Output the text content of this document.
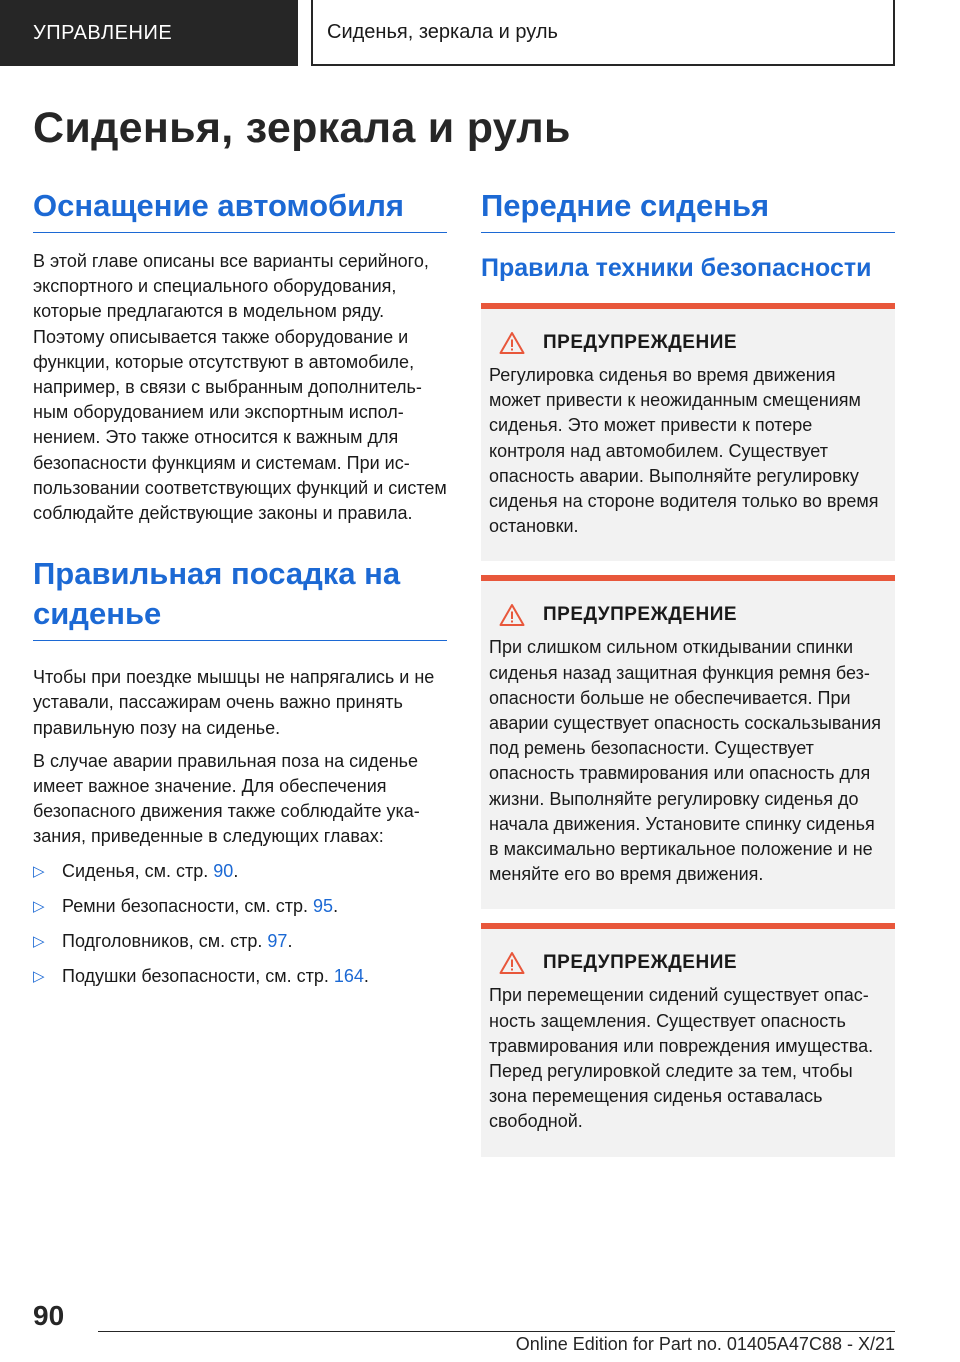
УПРАВЛЕНИЕ	Сиденья, зеркала и руль
Сиденья, зеркала и руль
Оснащение автомобиля

В этой главе описаны все варианты серийного, экспортного и специального оборудования, которые предлагаются в модельном ряду. Поэтому описывается также оборудование и функции, которые отсутствуют в автомобиле, например, в связи с выбранным дополнительным оборудованием или экспортным исполнением. Это также относится к важным для безопасности функциям и системам. При использовании соответствующих функций и систем соблюдайте действующие законы и правила.

Правильная посадка на сиденье

Чтобы при поездке мышцы не напрягались и не уставали, пассажирам очень важно принять правильную позу на сиденье.

В случае аварии правильная поза на сиденье имеет важное значение. Для обеспечения безопасного движения также соблюдайте указания, приведенные в следующих главах:

▷ Сиденья, см. стр. 90.
▷ Ремни безопасности, см. стр. 95.
▷ Подголовников, см. стр. 97.
▷ Подушки безопасности, см. стр. 164.
Передние сиденья
Правила техники безопасности
ПРЕДУПРЕЖДЕНИЕ

Регулировка сиденья во время движения может привести к неожиданным смещениям сиденья. Это может привести к потере контроля над автомобилем. Существует опасность аварии. Выполняйте регулировку сиденья на стороне водителя только во время остановки.

ПРЕДУПРЕЖДЕНИЕ

При слишком сильном откидывании спинки сиденья назад защитная функция ремня безопасности больше не обеспечивается. При аварии существует опасность соскальзывания под ремень безопасности. Существует опасность травмирования или опасность для жизни. Выполняйте регулировку сиденья до начала движения. Установите спинку сиденья в максимально вертикальное положение и не меняйте его во время движения.

ПРЕДУПРЕЖДЕНИЕ

При перемещении сидений существует опасность защемления. Существует опасность травмирования или повреждения имущества. Перед регулировкой следите за тем, чтобы зона перемещения сиденья оставалась свободной.

90
Online Edition for Part no. 01405A47C88 - X/21
